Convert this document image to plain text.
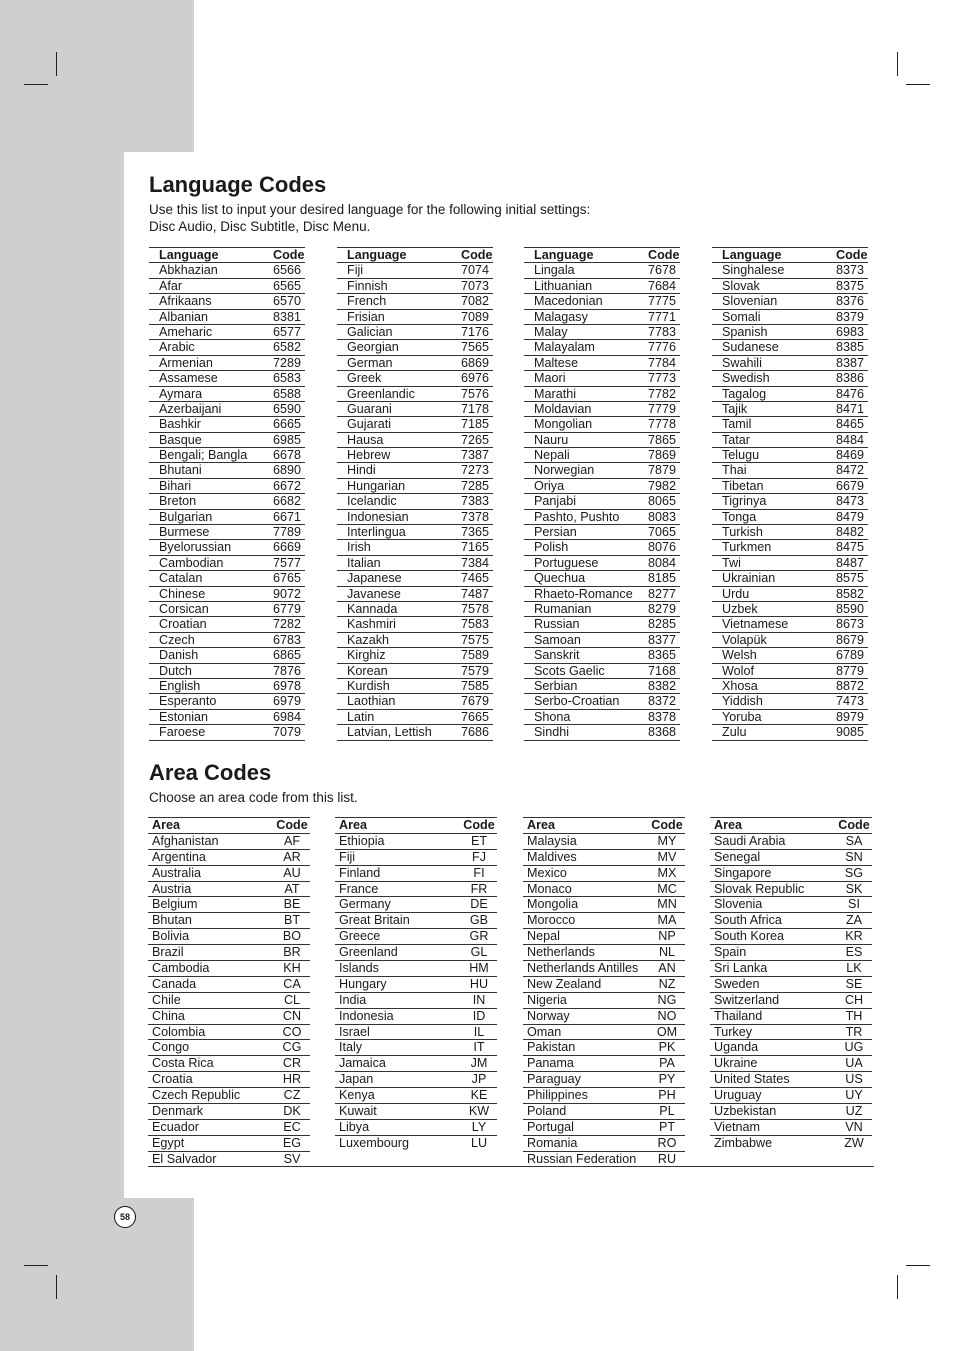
Language Codes

Use this list to input your desired language for the following initial settings:
Disc Audio, Disc Subtitle, Disc Menu.

Language	Code
Abkhazian	6566
Afar	6565
Afrikaans	6570
Albanian	8381
Ameharic	6577
Arabic	6582
Armenian	7289
Assamese	6583
Aymara	6588
Azerbaijani	6590
Bashkir	6665
Basque	6985
Bengali; Bangla 6678
Bhutani	6890
Bihari	6672
Breton	6682
Bulgarian	6671
Burmese	7789
Byelorussian	6669
Cambodian	7577
Catalan	6765
Chinese	9072
Corsican	6779
Croatian	7282
Czech	6783
Danish	6865
Dutch	7876
English	6978
Esperanto	6979
Estonian	6984
Faroese	7079
Language	Code
Fiji	7074
Finnish	7073
French	7082
Frisian	7089
Galician	7176
Georgian	7565
German	6869
Greek	6976
Greenlandic	7576
Guarani	7178
Gujarati	7185
Hausa	7265
Hebrew	7387
Hindi	7273
Hungarian	7285
Icelandic	7383
Indonesian	7378
Interlingua	7365
Irish	7165
Italian	7384
Japanese	7465
Javanese	7487
Kannada	7578
Kashmiri	7583
Kazakh	7575
Kirghiz	7589
Korean	7579
Kurdish	7585
Laothian	7679
Latin	7665
Latvian, Lettish 7686
Language	Code
Lingala	7678
Lithuanian	7684
Macedonian	7775
Malagasy	7771
Malay	7783
Malayalam	7776
Maltese	7784
Maori	7773
Marathi	7782
Moldavian	7779
Mongolian	7778
Nauru	7865
Nepali	7869
Norwegian	7879
Oriya	7982
Panjabi	8065
Pashto, Pushto 8083
Persian	7065
Polish	8076
Portuguese	8084
Quechua	8185
Rhaeto-Romance 8277
Rumanian	8279
Russian	8285
Samoan	8377
Sanskrit	8365
Scots Gaelic	7168
Serbian	8382
Serbo-Croatian 8372
Shona	8378
Sindhi	8368
Language	Code
Singhalese	8373
Slovak	8375
Slovenian	8376
Somali	8379
Spanish	6983
Sudanese	8385
Swahili	8387
Swedish	8386
Tagalog	8476
Tajik	8471
Tamil	8465
Tatar	8484
Telugu	8469
Thai	8472
Tibetan	6679
Tigrinya	8473
Tonga	8479
Turkish	8482
Turkmen	8475
Twi	8487
Ukrainian	8575
Urdu	8582
Uzbek	8590
Vietnamese	8673
Volapük	8679
Welsh	6789
Wolof	8779
Xhosa	8872
Yiddish	7473
Yoruba	8979
Zulu	9085
Area Codes

Choose an area code from this list.

Area	Code
Afghanistan	AF
Argentina	AR
Australia	AU
Austria	AT
Belgium	BE
Bhutan	BT
Bolivia	BO
Brazil	BR
Cambodia	KH
Canada	CA
Chile	CL
China	CN
Colombia	CO
Congo	CG
Costa Rica	CR
Croatia	HR
Czech Republic	CZ
Denmark	DK
Ecuador	EC
Egypt	EG
El Salvador	SV
Area	Code
Ethiopia	ET
Fiji	FJ
Finland	FI
France	FR
Germany	DE
Great Britain	GB
Greece	GR
Greenland	GL
Islands	HM
Hungary	HU
India	IN
Indonesia	ID
Israel	IL
Italy	IT
Jamaica	JM
Japan	JP
Kenya	KE
Kuwait	KW
Libya	LY
Luxembourg	LU
Area	Code
Malaysia	MY
Maldives	MV
Mexico	MX
Monaco	MC
Mongolia	MN
Morocco	MA
Nepal	NP
Netherlands	NL
Netherlands Antilles	AN
New Zealand	NZ
Nigeria	NG
Norway	NO
Oman	OM
Pakistan	PK
Panama	PA
Paraguay	PY
Philippines	PH
Poland	PL
Portugal	PT
Romania	RO
Russian Federation	RU
Area	Code
Saudi Arabia	SA
Senegal	SN
Singapore	SG
Slovak Republic	SK
Slovenia	SI
South Africa	ZA
South Korea	KR
Spain	ES
Sri Lanka	LK
Sweden	SE
Switzerland	CH
Thailand	TH
Turkey	TR
Uganda	UG
Ukraine	UA
United States	US
Uruguay	UY
Uzbekistan	UZ
Vietnam	VN
Zimbabwe	ZW
58
